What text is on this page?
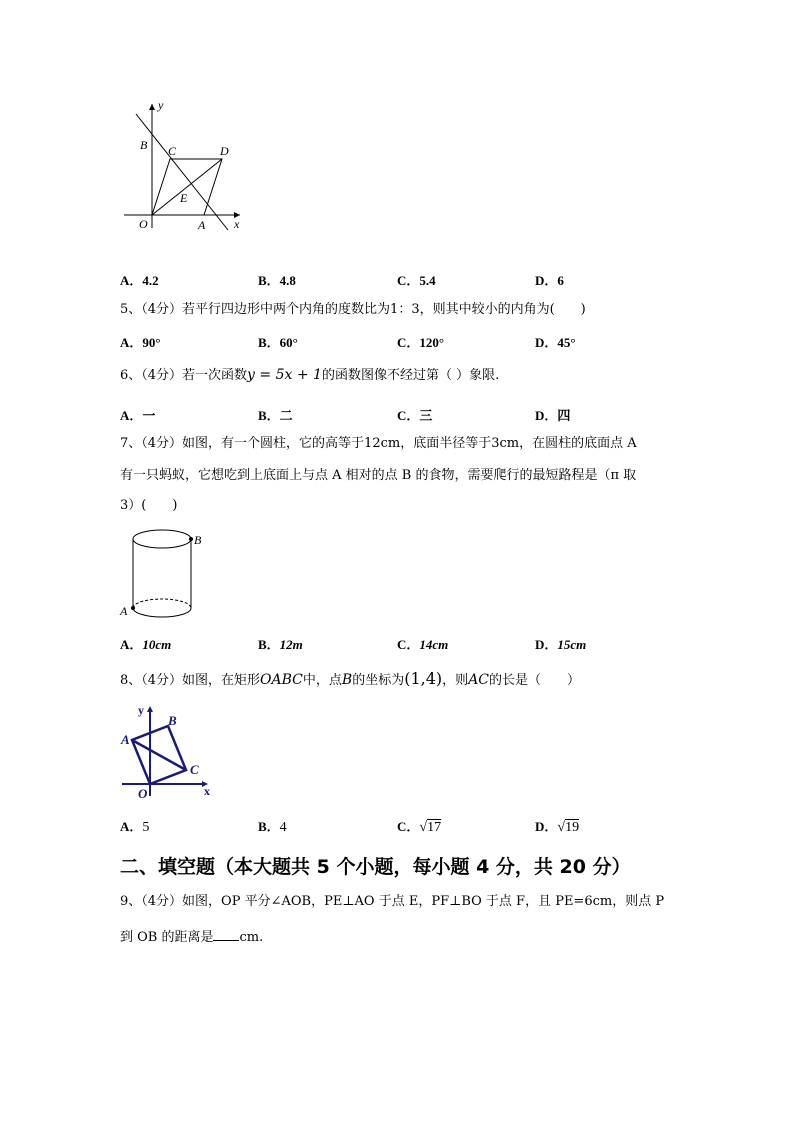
y
x
B C	D
E
O	A
A．4.2	B．4.8	C．5.4	D．6
5、（4分）若平行四边形中两个内角的度数比为1：3，则其中较小的内角为(　　)
A．90°	B．60°	C．120°	D．45°
6、（4分）若一次函数y = 5x + 1的函数图像不经过第（ ）象限.
A．一	B．二	C．三	D．四
7、（4分）如图，有一个圆柱，它的高等于12cm，底面半径等于3cm，在圆柱的底面点 A
有一只蚂蚁，它想吃到上底面上与点 A 相对的点 B 的食物，需要爬行的最短路程是（π 取
3）(　　)
B
A
A．10cm	B．12m	C．14cm	D．15cm
8、（4分）如图，在矩形OABC中，点B的坐标为(1,4)，则AC的长是（　　）
y
x
A
B
C
O
A．5	B．4	C．√17	D．√19
二、填空题（本大题共 5 个小题，每小题 4 分，共 20 分）
9、（4分）如图，OP 平分∠AOB，PE⊥AO 于点 E，PF⊥BO 于点 F，且 PE=6cm，则点 P
到 OB 的距离是 cm.
